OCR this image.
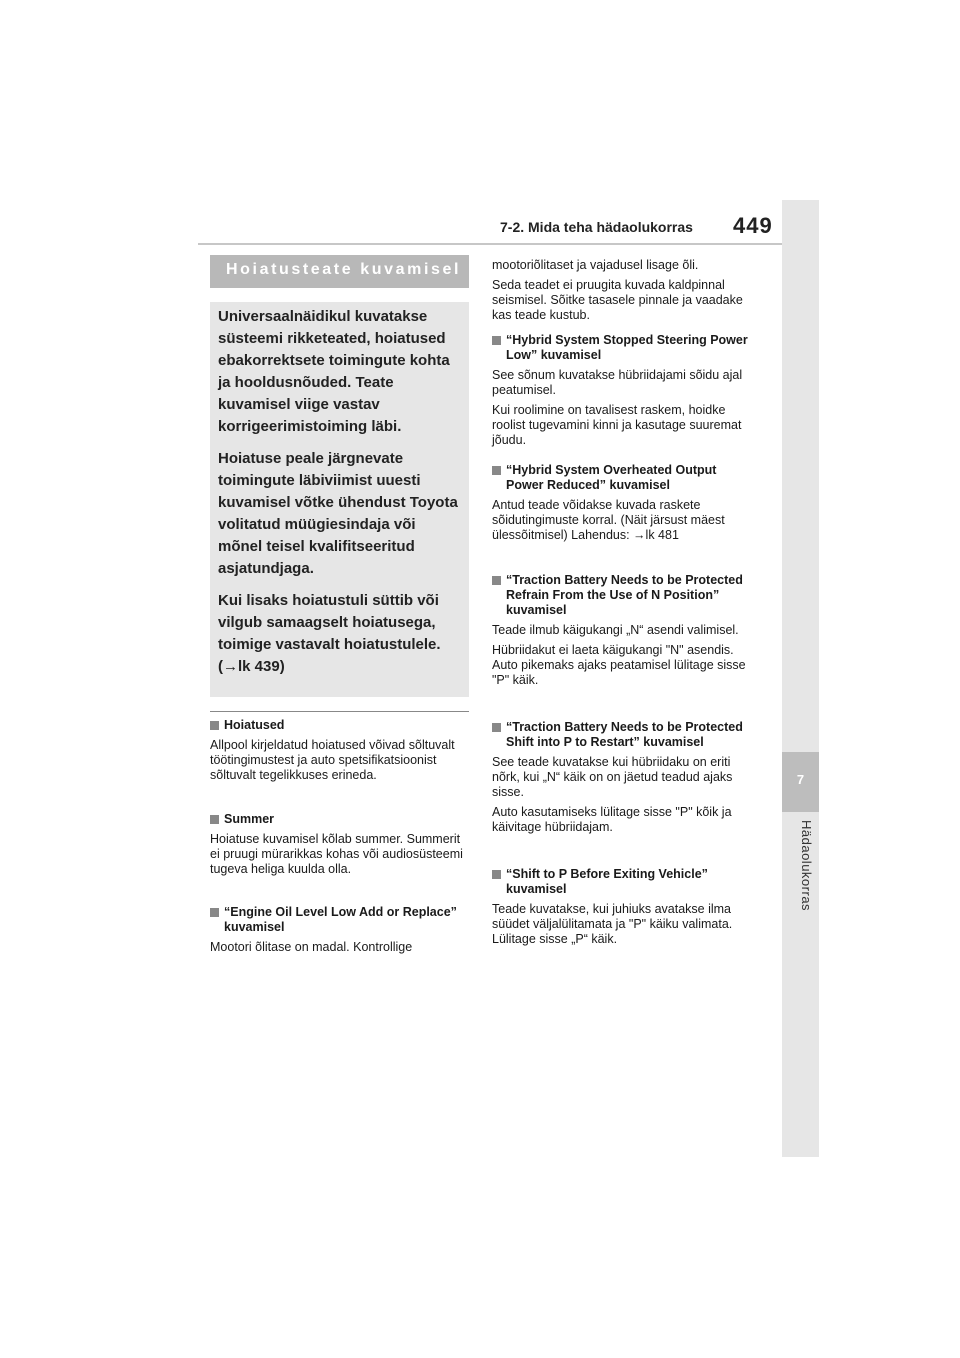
7-2. Mida teha hädaolukorras 449
7
Hädaolukorras
Hoiatusteate kuvamisel

Universaalnäidikul kuvatakse süsteemi rikketeated, hoiatused ebakorrektsete toimingute kohta ja hooldusnõuded. Teate kuvamisel viige vastav korrigeerimistoiming läbi.

Hoiatuse peale järgnevate toimingute läbiviimist uuesti kuvamisel võtke ühendust Toyota volitatud müügiesindaja või mõnel teisel kvalifitseeritud asjatundjaga.

Kui lisaks hoiatustuli süttib või vilgub samaagselt hoiatusega, toimige vastavalt hoiatustulele. (→lk 439)

Hoiatused

Allpool kirjeldatud hoiatused võivad sõltuvalt töötingimustest ja auto spetsifikatsioonist sõltuvalt tegelikkuses erineda.

Summer

Hoiatuse kuvamisel kõlab summer. Summerit ei pruugi mürarikkas kohas või audiosüsteemi tugeva heliga kuulda olla.

“Engine Oil Level Low Add or Replace” kuvamisel

Mootori õlitase on madal. Kontrollige

mootoriõlitaset ja vajadusel lisage õli.

Seda teadet ei pruugita kuvada kaldpinnal seismisel. Sõitke tasasele pinnale ja vaadake kas teade kustub.

“Hybrid System Stopped Steering Power Low” kuvamisel

See sõnum kuvatakse hübriidajami sõidu ajal peatumisel.

Kui roolimine on tavalisest raskem, hoidke roolist tugevamini kinni ja kasutage suuremat jõudu.

“Hybrid System Overheated Output Power Reduced” kuvamisel

Antud teade võidakse kuvada raskete sõidutingimuste korral. (Näit järsust mäest ülessõitmisel) Lahendus: →lk 481

“Traction Battery Needs to be Protected Refrain From the Use of N Position” kuvamisel

Teade ilmub käigukangi „N“ asendi valimisel.

Hübriidakut ei laeta käigukangi "N" asendis. Auto pikemaks ajaks peatamisel lülitage sisse "P" käik.

“Traction Battery Needs to be Protected Shift into P to Restart” kuvamisel

See teade kuvatakse kui hübriidaku on eriti nõrk, kui „N“ käik on on jäetud teadud ajaks sisse.

Auto kasutamiseks lülitage sisse "P" kõik ja käivitage hübriidajam.

“Shift to P Before Exiting Vehicle” kuvamisel

Teade kuvatakse, kui juhiuks avatakse ilma süüdet väljalülitamata ja "P" käiku valimata. Lülitage sisse „P“ käik.
